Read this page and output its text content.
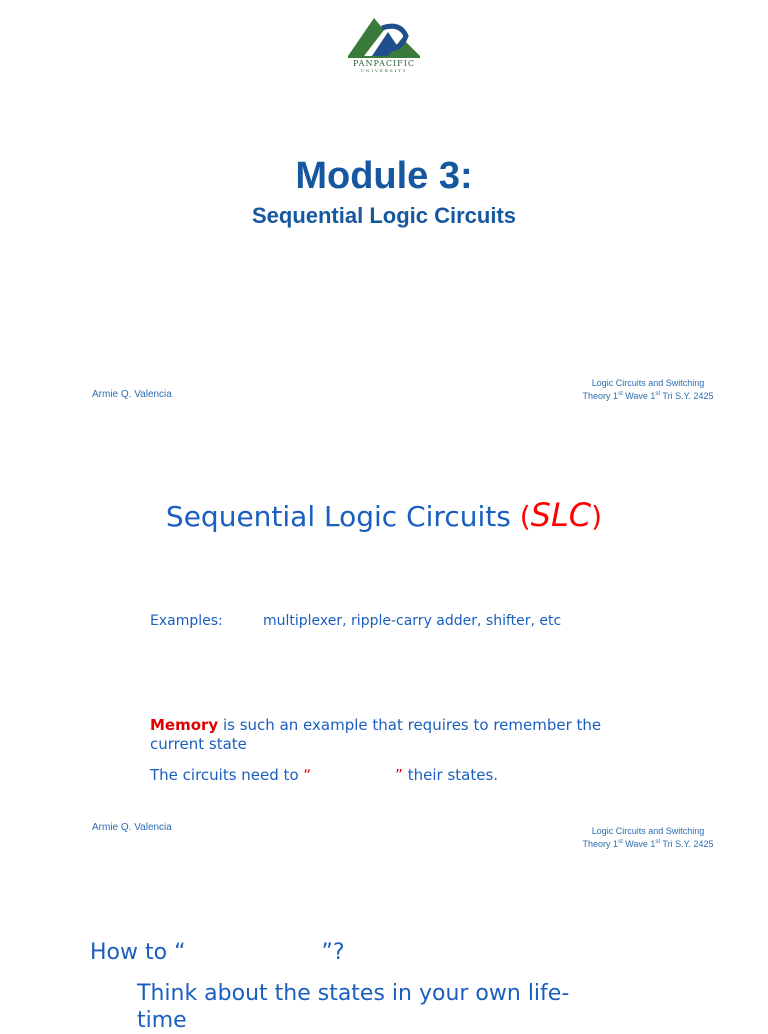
PANPACIFIC
UNIVERSITY
Module 3:
Sequential Logic Circuits
Armie Q. Valencia
Logic Circuits and Switching
Theory 1st Wave 1st Tri S.Y. 2425
Sequential Logic Circuits (SLC)
Examples:	multiplexer, ripple-carry adder, shifter, etc
Memory is such an example that requires to remember the current state
The circuits need to “	” their states.
Armie Q. Valencia	Logic Circuits and Switching
Theory 1st Wave 1st Tri S.Y. 2425
How to “	”?
Think about the states in your own life-time
